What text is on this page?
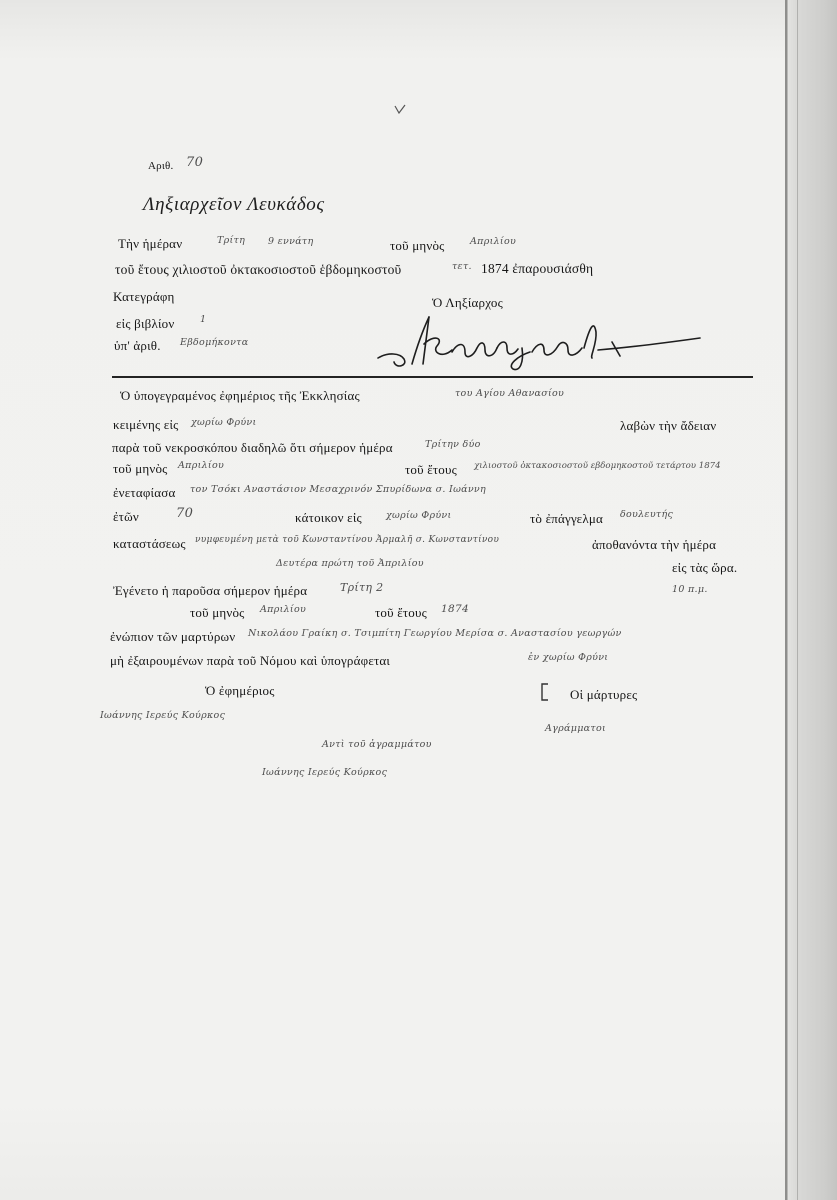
Αριθ. 70
Ληξιαρχεῖον Λευκάδος
Τὴν ἡμέραν	Τρίτη 9 εννάτη	τοῦ μηνὸς	Απριλίου
τοῦ ἔτους χιλιοστοῦ ὀκτακοσιοστοῦ ἑβδομηκοστοῦ	τετ. 1874 ἐπαρουσιάσθη
Κατεγράφη	Ὁ Ληξίαρχος
εἰς βιβλίον	1
ὑπ' ἀριθ. Εβδομήκοντα
Ὁ ὑπογεγραμένος ἐφημέριος τῆς Ἐκκλησίας	του Αγίου Αθανασίου
κειμένης εἰς χωρίω Φρύνι	λαβὼν τὴν ἄδειαν
παρὰ τοῦ νεκροσκόπου διαδηλῶ ὅτι σήμερον ἡμέρα	Τρίτην δύο
τοῦ μηνὸς Απριλίου	τοῦ ἔτους χιλιοστοῦ ὀκτακοσιοστοῦ εβδομηκοστοῦ τετάρτου 1874
ἐνεταφίασα τον Τσόκι Αναστάσιον Μεσαχρινόν Σπυρίδωνα σ. Ιωάννη
ἐτῶν	70	κάτοικον εἰς	χωρίω Φρύνι	τὸ ἐπάγγελμα δουλευτής
καταστάσεως νυμφευμένη μετὰ τοῦ Κωνσταντίνου Ἀρμαλῆ σ. Κωνσταντίνου	ἀποθανόντα τὴν ἡμέρα
Δευτέρα πρώτη τοῦ Ἀπριλίου	εἰς τὰς ὥρα.
Ἐγένετο ἡ παροῦσα σήμερον ἡμέρα	Τρίτη 2	10 π.μ.
τοῦ μηνὸς Απριλίου	τοῦ ἔτους 1874
ἐνώπιον τῶν μαρτύρων Νικολάου Γραίκη σ. Τσιμπίτη Γεωργίου Μερίσα σ. Αναστασίου γεωργών
μὴ ἐξαιρουμένων παρὰ τοῦ Νόμου καὶ ὑπογράφεται	ἐν χωρίω Φρύνι
Ὁ ἐφημέριος	Οἱ μάρτυρες
Ιωάννης Ιερεύς Κούρκος
Αγράμματοι
Αντὶ τοῦ ἀγραμμάτου
Ιωάννης Ιερεύς Κούρκος
